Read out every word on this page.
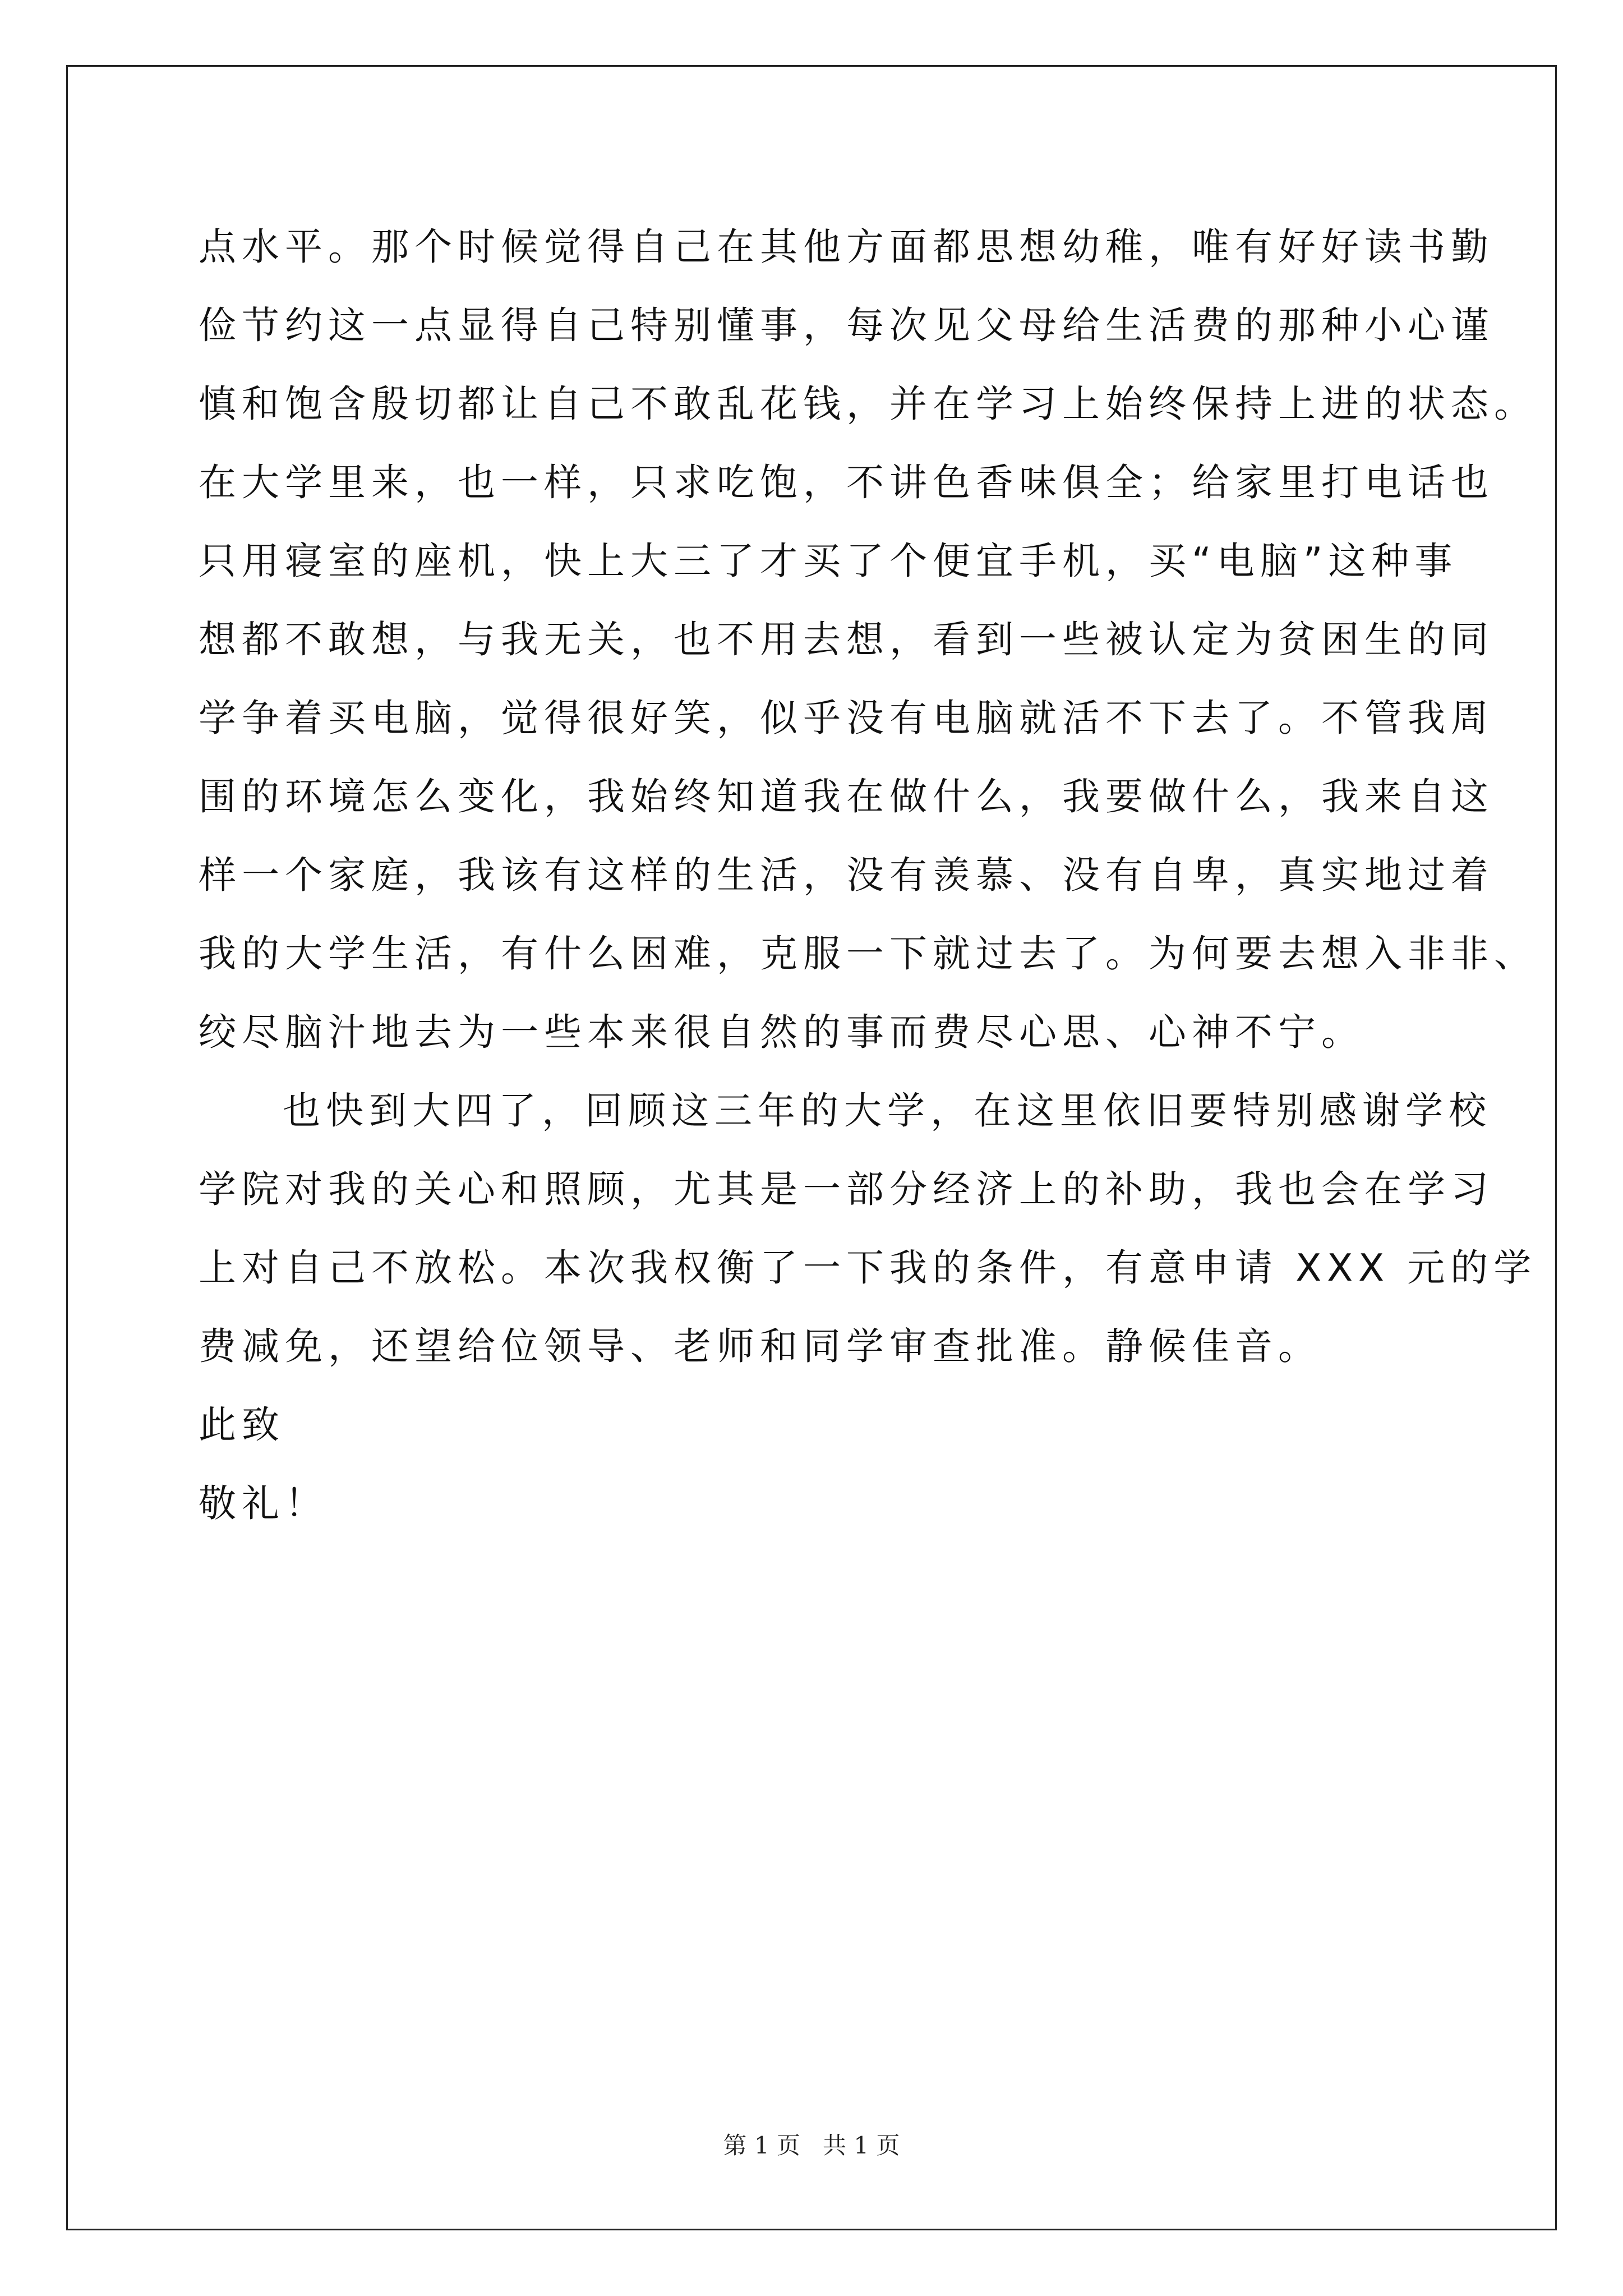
点水平。那个时候觉得自己在其他方面都思想幼稚，唯有好好读书勤
俭节约这一点显得自己特别懂事，每次见父母给生活费的那种小心谨
慎和饱含殷切都让自己不敢乱花钱，并在学习上始终保持上进的状态。
在大学里来，也一样，只求吃饱，不讲色香味俱全；给家里打电话也
只用寝室的座机，快上大三了才买了个便宜手机，买“电脑”这种事
想都不敢想，与我无关，也不用去想，看到一些被认定为贫困生的同
学争着买电脑，觉得很好笑，似乎没有电脑就活不下去了。不管我周
围的环境怎么变化，我始终知道我在做什么，我要做什么，我来自这
样一个家庭，我该有这样的生活，没有羡慕、没有自卑，真实地过着
我的大学生活，有什么困难，克服一下就过去了。为何要去想入非非、
绞尽脑汁地去为一些本来很自然的事而费尽心思、心神不宁。
也快到大四了，回顾这三年的大学，在这里依旧要特别感谢学校
学院对我的关心和照顾，尤其是一部分经济上的补助，我也会在学习
上对自己不放松。本次我权衡了一下我的条件，有意申请 XXX 元的学
费减免，还望给位领导、老师和同学审查批准。静候佳音。
此致
敬礼！
第 1 页   共 1 页
